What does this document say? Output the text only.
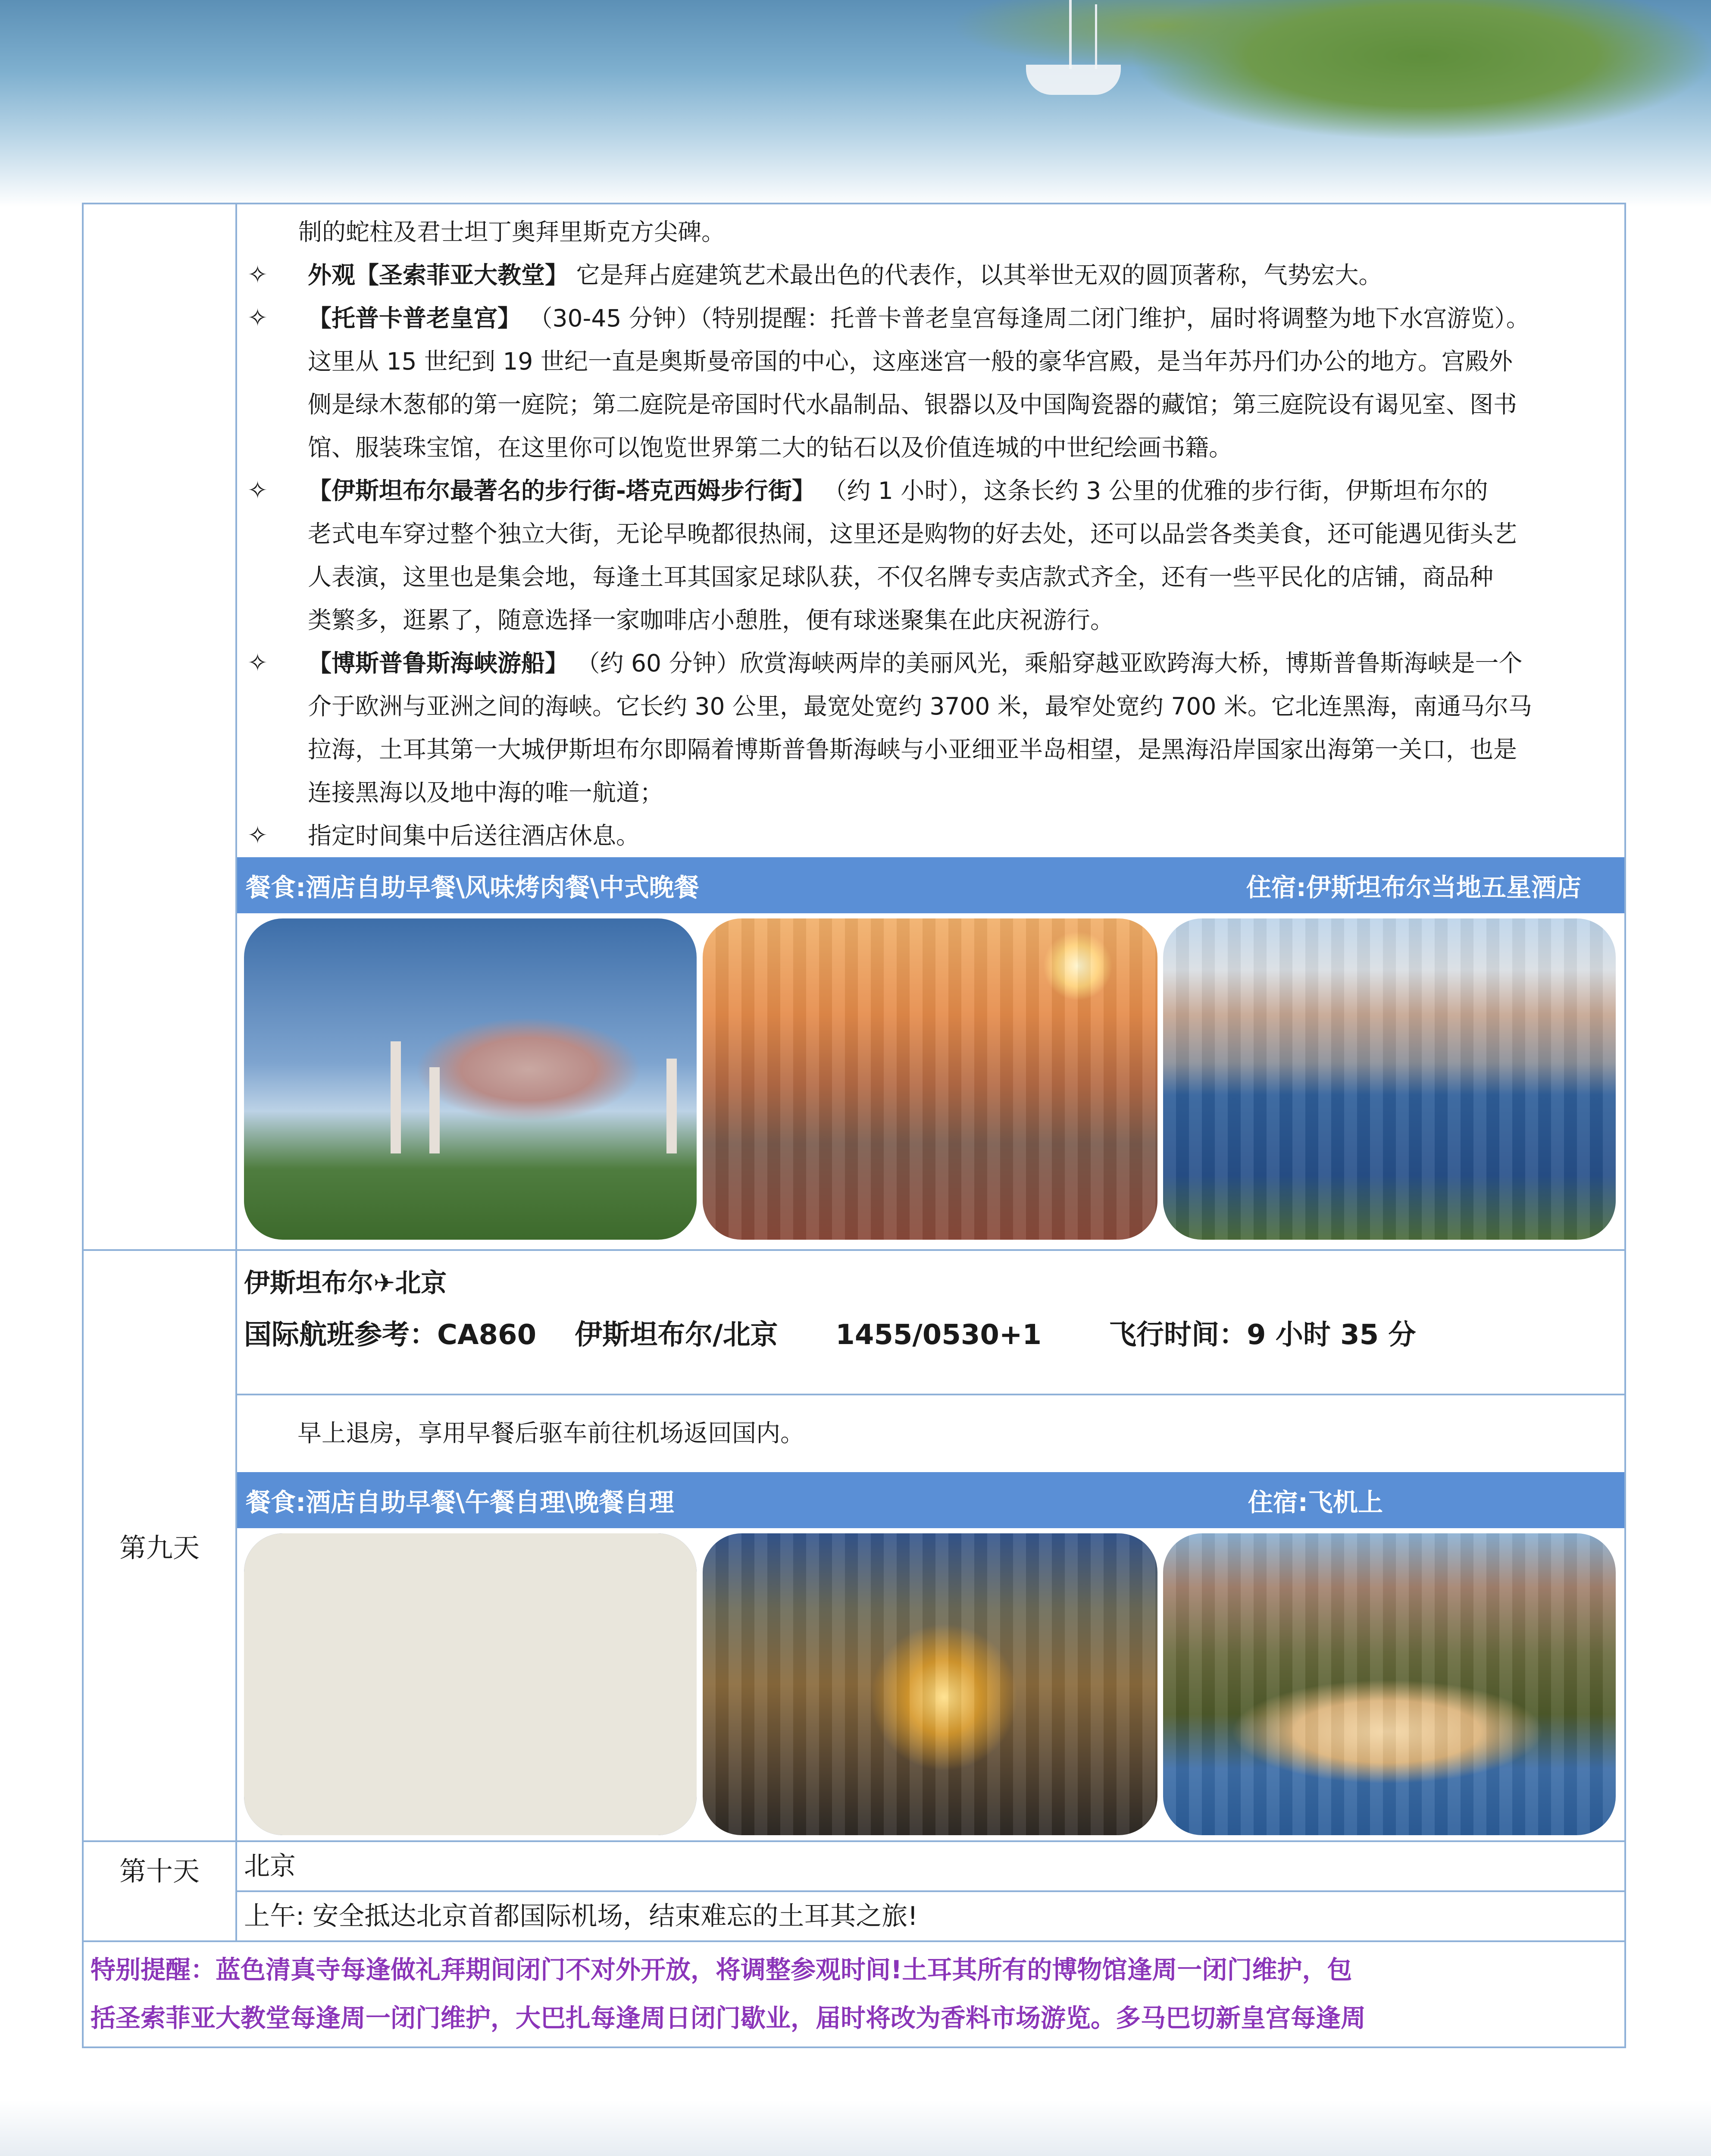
制的蛇柱及君士坦丁奥拜里斯克方尖碑。
✧	外观【圣索菲亚大教堂】 它是拜占庭建筑艺术最出色的代表作，以其举世无双的圆顶著称，气势宏大。
✧	【托普卡普老皇宫】 （30-45 分钟）（特别提醒：托普卡普老皇宫每逢周二闭门维护，届时将调整为地下水宫游览）。
这里从 15 世纪到 19 世纪一直是奥斯曼帝国的中心，这座迷宫一般的豪华宫殿，是当年苏丹们办公的地方。宫殿外
侧是绿木葱郁的第一庭院；第二庭院是帝国时代水晶制品、银器以及中国陶瓷器的藏馆；第三庭院设有谒见室、图书
馆、服装珠宝馆，在这里你可以饱览世界第二大的钻石以及价值连城的中世纪绘画书籍。
✧	【伊斯坦布尔最著名的步行街-塔克西姆步行街】 （约 1 小时），这条长约 3 公里的优雅的步行街，伊斯坦布尔的
老式电车穿过整个独立大街，无论早晚都很热闹，这里还是购物的好去处，还可以品尝各类美食，还可能遇见街头艺
人表演，这里也是集会地，每逢土耳其国家足球队获，不仅名牌专卖店款式齐全，还有一些平民化的店铺，商品种
类繁多，逛累了，随意选择一家咖啡店小憩胜，便有球迷聚集在此庆祝游行。
✧	【博斯普鲁斯海峡游船】 （约 60 分钟）欣赏海峡两岸的美丽风光，乘船穿越亚欧跨海大桥，博斯普鲁斯海峡是一个
介于欧洲与亚洲之间的海峡。它长约 30 公里，最宽处宽约 3700 米，最窄处宽约 700 米。它北连黑海，南通马尔马
拉海，土耳其第一大城伊斯坦布尔即隔着博斯普鲁斯海峡与小亚细亚半岛相望，是黑海沿岸国家出海第一关口，也是
连接黑海以及地中海的唯一航道；
✧	指定时间集中后送往酒店休息。
餐食:酒店自助早餐\风味烤肉餐\中式晚餐	住宿:伊斯坦布尔当地五星酒店
第九天
伊斯坦布尔✈北京
国际航班参考：CA860 伊斯坦布尔/北京 1455/0530+1 飞行时间：9 小时 35 分
早上退房，享用早餐后驱车前往机场返回国内。
餐食:酒店自助早餐\午餐自理\晚餐自理	住宿:飞机上
第十天 北京
上午: 安全抵达北京首都国际机场，结束难忘的土耳其之旅!
特别提醒：蓝色清真寺每逢做礼拜期间闭门不对外开放，将调整参观时间!土耳其所有的博物馆逢周一闭门维护，包
括圣索菲亚大教堂每逢周一闭门维护，大巴扎每逢周日闭门歇业，届时将改为香料市场游览。多马巴切新皇宫每逢周
